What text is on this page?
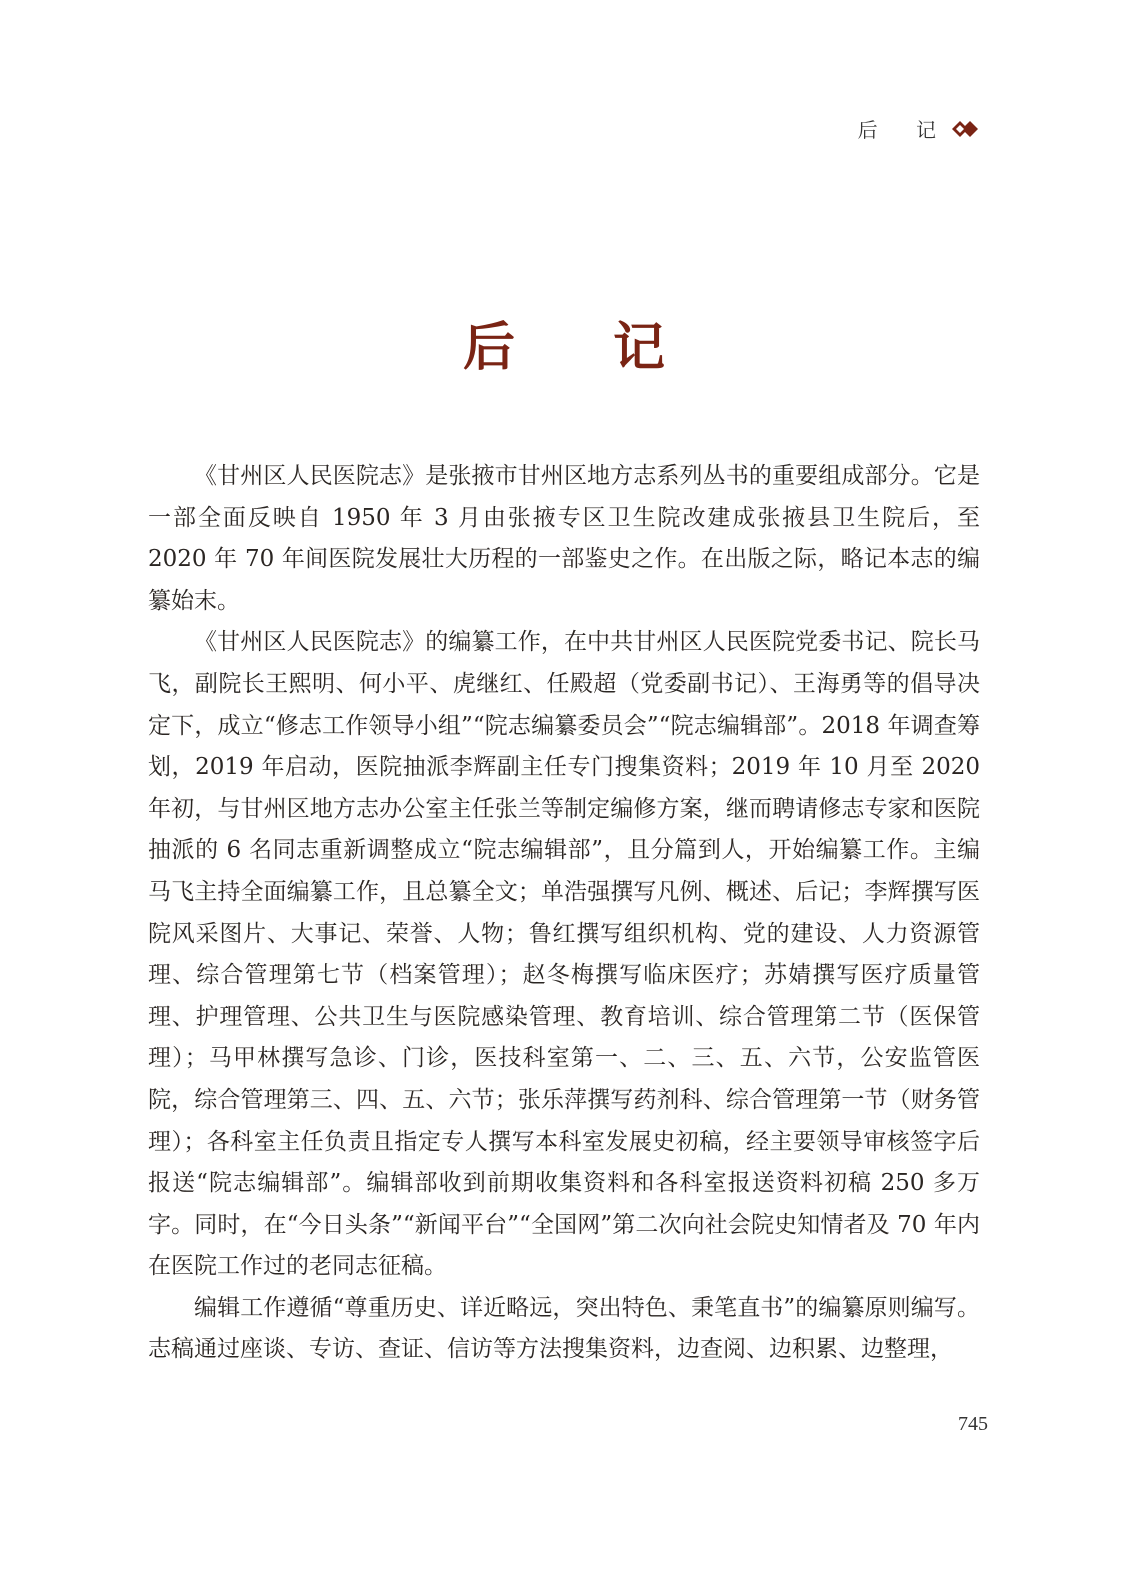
后 记
后 记

《甘州区人民医院志》是张掖市甘州区地方志系列丛书的重要组成部分。它是一部全面反映自 1950 年 3 月由张掖专区卫生院改建成张掖县卫生院后，至 2020 年 70 年间医院发展壮大历程的一部鉴史之作。在出版之际，略记本志的编纂始末。

《甘州区人民医院志》的编纂工作，在中共甘州区人民医院党委书记、院长马飞，副院长王熙明、何小平、虎继红、任殿超（党委副书记）、王海勇等的倡导决定下，成立“修志工作领导小组”“院志编纂委员会”“院志编辑部”。2018 年调查筹划，2019 年启动，医院抽派李辉副主任专门搜集资料；2019 年 10 月至 2020 年初，与甘州区地方志办公室主任张兰等制定编修方案，继而聘请修志专家和医院抽派的 6 名同志重新调整成立“院志编辑部”，且分篇到人，开始编纂工作。主编马飞主持全面编纂工作，且总纂全文；单浩强撰写凡例、概述、后记；李辉撰写医院风采图片、大事记、荣誉、人物；鲁红撰写组织机构、党的建设、人力资源管理、综合管理第七节（档案管理）；赵冬梅撰写临床医疗；苏婧撰写医疗质量管理、护理管理、公共卫生与医院感染管理、教育培训、综合管理第二节（医保管理）；马甲林撰写急诊、门诊，医技科室第一、二、三、五、六节，公安监管医院，综合管理第三、四、五、六节；张乐萍撰写药剂科、综合管理第一节（财务管理）；各科室主任负责且指定专人撰写本科室发展史初稿，经主要领导审核签字后报送“院志编辑部”。编辑部收到前期收集资料和各科室报送资料初稿 250 多万字。同时，在“今日头条”“新闻平台”“全国网”第二次向社会院史知情者及 70 年内在医院工作过的老同志征稿。

编辑工作遵循“尊重历史、详近略远，突出特色、秉笔直书”的编纂原则编写。志稿通过座谈、专访、查证、信访等方法搜集资料，边查阅、边积累、边整理，

745
